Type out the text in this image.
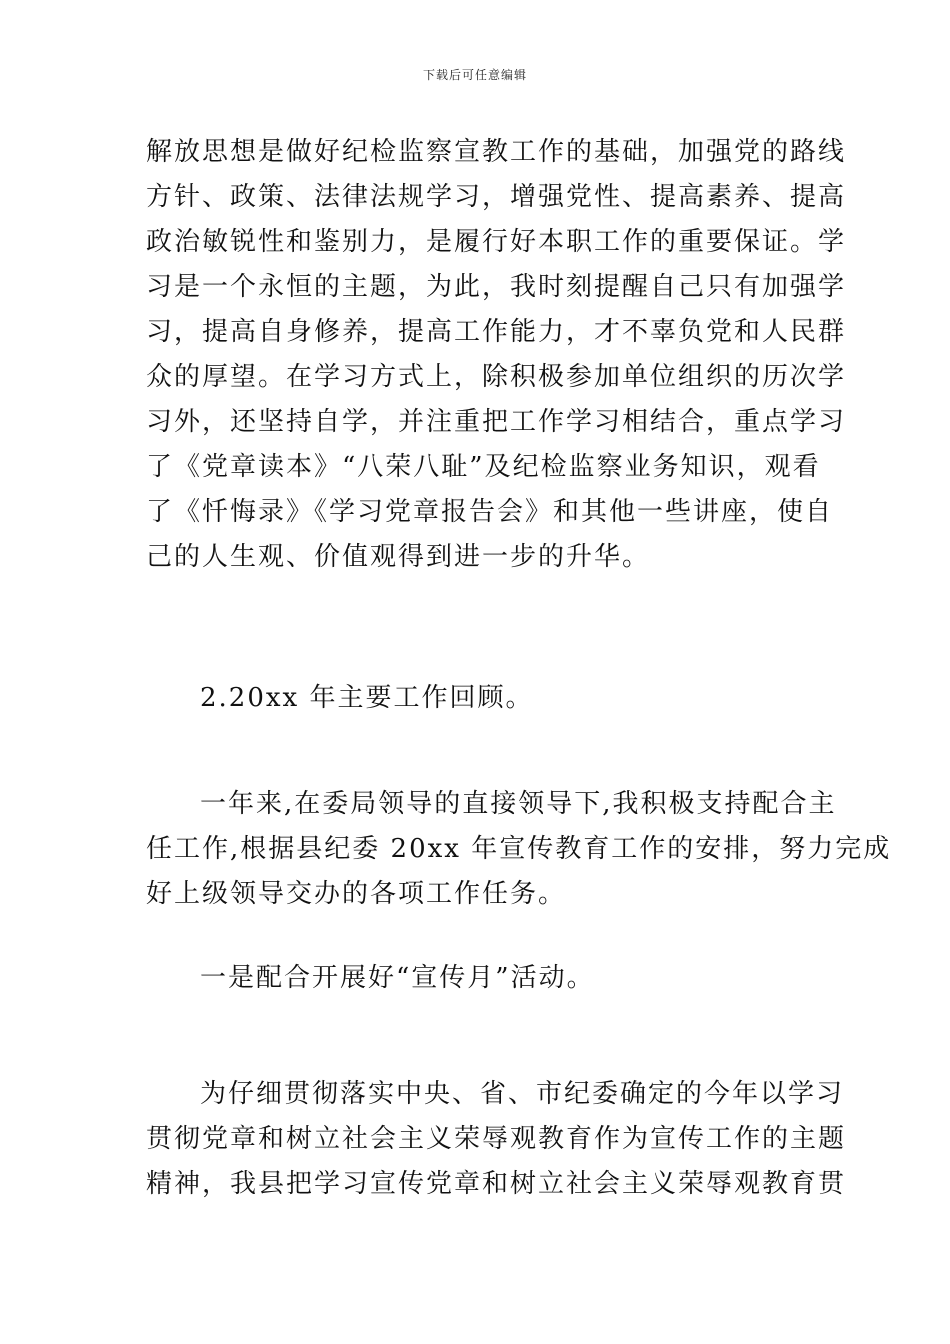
下载后可任意编辑
解放思想是做好纪检监察宣教工作的基础，加强党的路线
方针、政策、法律法规学习，增强党性、提高素养、提高
政治敏锐性和鉴别力，是履行好本职工作的重要保证。学
习是一个永恒的主题，为此，我时刻提醒自己只有加强学
习，提高自身修养，提高工作能力，才不辜负党和人民群
众的厚望。在学习方式上，除积极参加单位组织的历次学
习外，还坚持自学，并注重把工作学习相结合，重点学习
了《党章读本》“八荣八耻”及纪检监察业务知识，观看
了《忏悔录》《学习党章报告会》和其他一些讲座，使自
己的人生观、价值观得到进一步的升华。
2.20xx 年主要工作回顾。
一年来,在委局领导的直接领导下,我积极支持配合主
任工作,根据县纪委 20xx 年宣传教育工作的安排，努力完成
好上级领导交办的各项工作任务。
一是配合开展好“宣传月”活动。
为仔细贯彻落实中央、省、市纪委确定的今年以学习
贯彻党章和树立社会主义荣辱观教育作为宣传工作的主题
精神，我县把学习宣传党章和树立社会主义荣辱观教育贯
